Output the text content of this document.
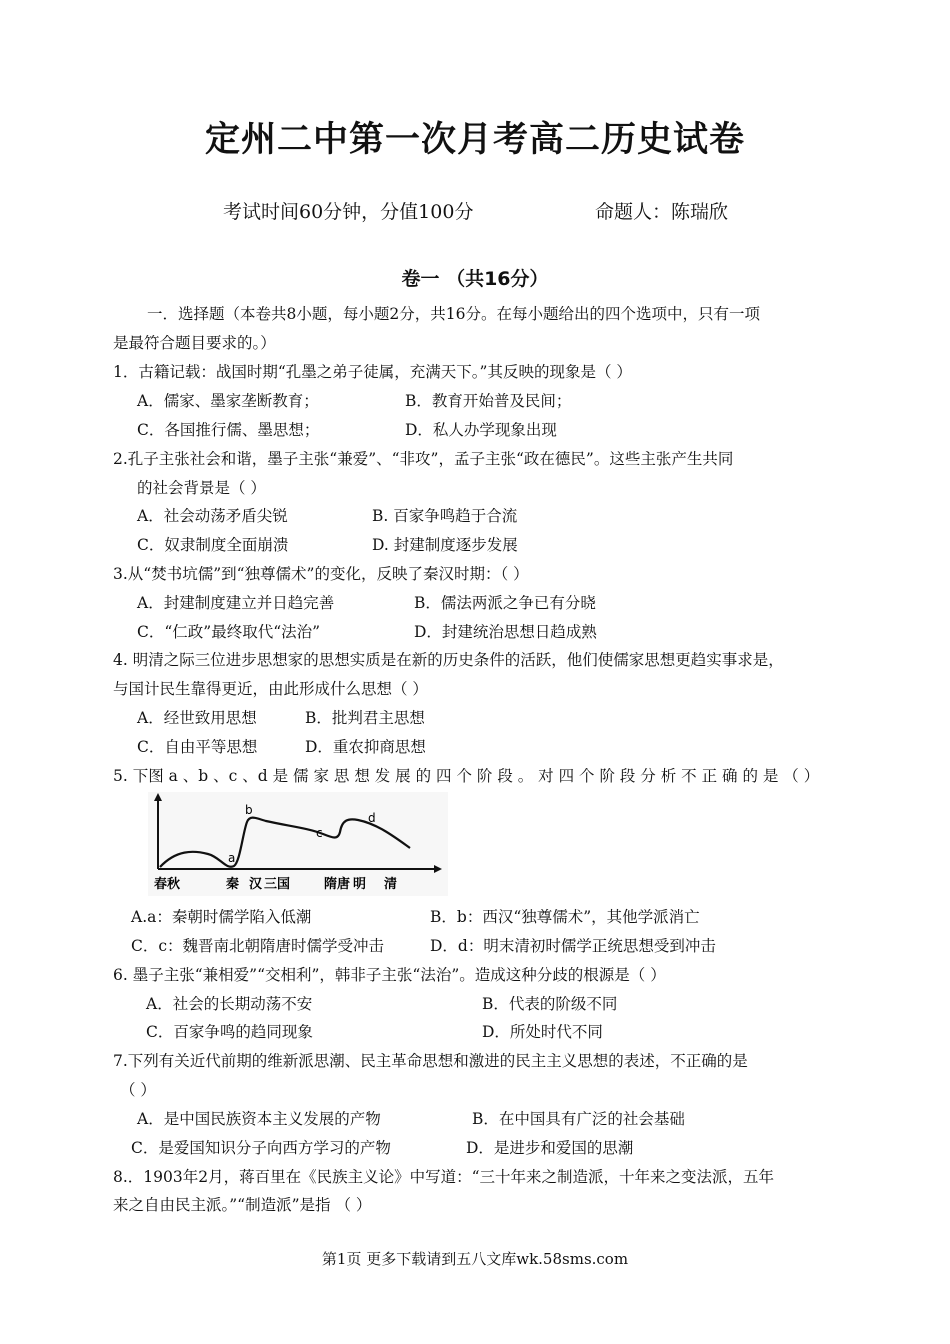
定州二中第一次月考高二历史试卷
考试时间60分钟，分值100分	命题人：陈瑞欣
卷一 （共16分）
一．选择题（本卷共8小题，每小题2分，共16分。在每小题给出的四个选项中，只有一项
是最符合题目要求的。）
1．古籍记载：战国时期“孔墨之弟子徒属，充满天下。”其反映的现象是（ ）
A．儒家、墨家垄断教育；	B．教育开始普及民间；
C．各国推行儒、墨思想；	D．私人办学现象出现
2.孔子主张社会和谐，墨子主张“兼爱”、“非攻”，孟子主张“政在德民”。这些主张产生共同
的社会背景是（ ）
A．社会动荡矛盾尖锐	B. 百家争鸣趋于合流
C．奴隶制度全面崩溃	D. 封建制度逐步发展
3.从“焚书坑儒”到“独尊儒术”的变化，反映了秦汉时期：（ ）
A．封建制度建立并日趋完善	B．儒法两派之争已有分晓
C．“仁政”最终取代“法治”	D．封建统治思想日趋成熟
4. 明清之际三位进步思想家的思想实质是在新的历史条件的活跃，他们使儒家思想更趋实事求是，
与国计民生靠得更近，由此形成什么思想（ ）
A．经世致用思想	B．批判君主思想
C．自由平等思想	D．重农抑商思想
5. 下图 a 、b 、c 、d 是 儒 家 思 想 发 展 的 四 个 阶 段 。 对 四 个 阶 段 分 析 不 正 确 的 是 （ ）
a
b
c
d
春秋	秦 汉 三国	隋唐 明 清
A.a：秦朝时儒学陷入低潮	B．b：西汉“独尊儒术”，其他学派消亡
C．c：魏晋南北朝隋唐时儒学受冲击	D．d：明末清初时儒学正统思想受到冲击
6. 墨子主张“兼相爱”“交相利”，韩非子主张“法治”。造成这种分歧的根源是（ ）
A．社会的长期动荡不安	B．代表的阶级不同
C．百家争鸣的趋同现象	D．所处时代不同
7.下列有关近代前期的维新派思潮、民主革命思想和激进的民主主义思想的表述，不正确的是
（ ）
A．是中国民族资本主义发展的产物	B．在中国具有广泛的社会基础
C．是爱国知识分子向西方学习的产物	D．是进步和爱国的思潮
8.．1903年2月，蒋百里在《民族主义论》中写道：“三十年来之制造派，十年来之变法派，五年
来之自由民主派。”“制造派”是指 （ ）
第1页 更多下载请到五八文库wk.58sms.com
